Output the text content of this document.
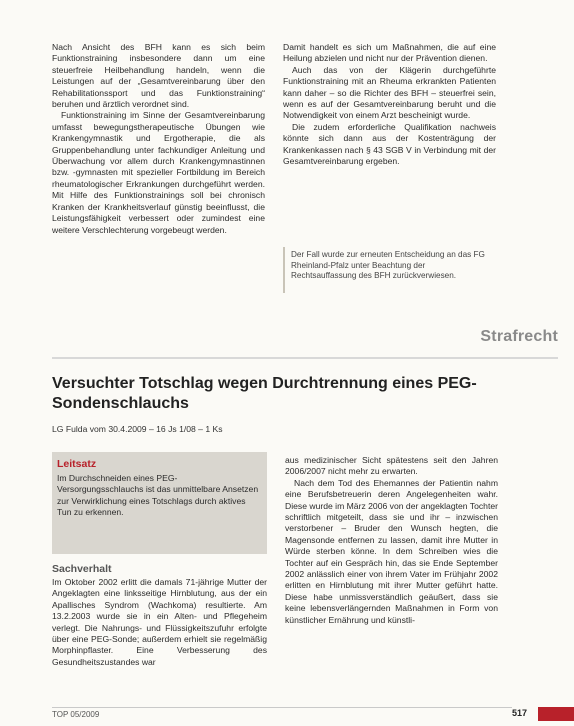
Nach Ansicht des BFH kann es sich beim Funktionstraining insbesondere dann um eine steuerfreie Heilbehandlung handeln, wenn die Leistungen auf der „Gesamtvereinbarung über den Rehabilitationssport und das Funktionstraining“ beruhen und ärztlich verordnet sind.

Funktionstraining im Sinne der Gesamtvereinbarung umfasst bewegungstherapeutische Übungen wie Krankengymnastik und Ergotherapie, die als Gruppenbehandlung unter fachkundiger Anleitung und Überwachung vor allem durch Krankengymnastinnen bzw. -gymnasten mit spezieller Fortbildung im Bereich rheumatologischer Erkrankungen durchgeführt werden. Mit Hilfe des Funktionstrainings soll bei chronisch Kranken der Krankheitsverlauf günstig beeinflusst, die Leistungsfähigkeit verbessert oder zumindest eine weitere Verschlechterung vorgebeugt werden.

Damit handelt es sich um Maßnahmen, die auf eine Heilung abzielen und nicht nur der Prävention dienen.

Auch das von der Klägerin durchgeführte Funktionstraining mit an Rheuma erkrankten Patienten kann daher – so die Richter des BFH – steuerfrei sein, wenn es auf der Gesamtvereinbarung beruht und die Notwendigkeit von einem Arzt bescheinigt wurde.

Die zudem erforderliche Qualifikation nachweis könnte sich dann aus der Kostenträgung der Krankenkassen nach § 43 SGB V in Verbindung mit der Gesamtvereinbarung ergeben.

Der Fall wurde zur erneuten Entscheidung an das FG Rheinland-Pfalz unter Beachtung der Rechtsauffassung des BFH zurückverwiesen.
Strafrecht
Versuchter Totschlag wegen Durchtrennung eines PEG-Sondenschlauchs
LG Fulda vom 30.4.2009 – 16 Js 1/08 – 1 Ks
Leitsatz

Im Durchschneiden eines PEG-Versorgungsschlauchs ist das unmittelbare Ansetzen zur Verwirklichung eines Totschlags durch aktives Tun zu erkennen.

Sachverhalt

Im Oktober 2002 erlitt die damals 71-jährige Mutter der Angeklagten eine linksseitige Hirnblutung, aus der ein Apallisches Syndrom (Wachkoma) resultierte. Am 13.2.2003 wurde sie in ein Alten- und Pflegeheim verlegt. Die Nahrungs- und Flüssigkeitszufuhr erfolgte über eine PEG-Sonde; außerdem erhielt sie regelmäßig Morphinpflaster. Eine Verbesserung des Gesundheitszustandes war

aus medizinischer Sicht spätestens seit den Jahren 2006/2007 nicht mehr zu erwarten.

Nach dem Tod des Ehemannes der Patientin nahm eine Berufsbetreuerin deren Angelegenheiten wahr. Diese wurde im März 2006 von der angeklagten Tochter schriftlich mitgeteilt, dass sie und ihr – inzwischen verstorbener – Bruder den Wunsch hegten, die Magensonde entfernen zu lassen, damit ihre Mutter in Würde sterben könne. In dem Schreiben wies die Tochter auf ein Gespräch hin, das sie Ende September 2002 anlässlich einer von ihrem Vater im Frühjahr 2002 erlitten en Hirnblutung mit ihrer Mutter geführt hatte. Diese habe unmissverständlich geäußert, dass sie keine lebensverlängernden Maßnahmen in Form von künstlicher Ernährung und künstli-

TOP 05/2009	517
